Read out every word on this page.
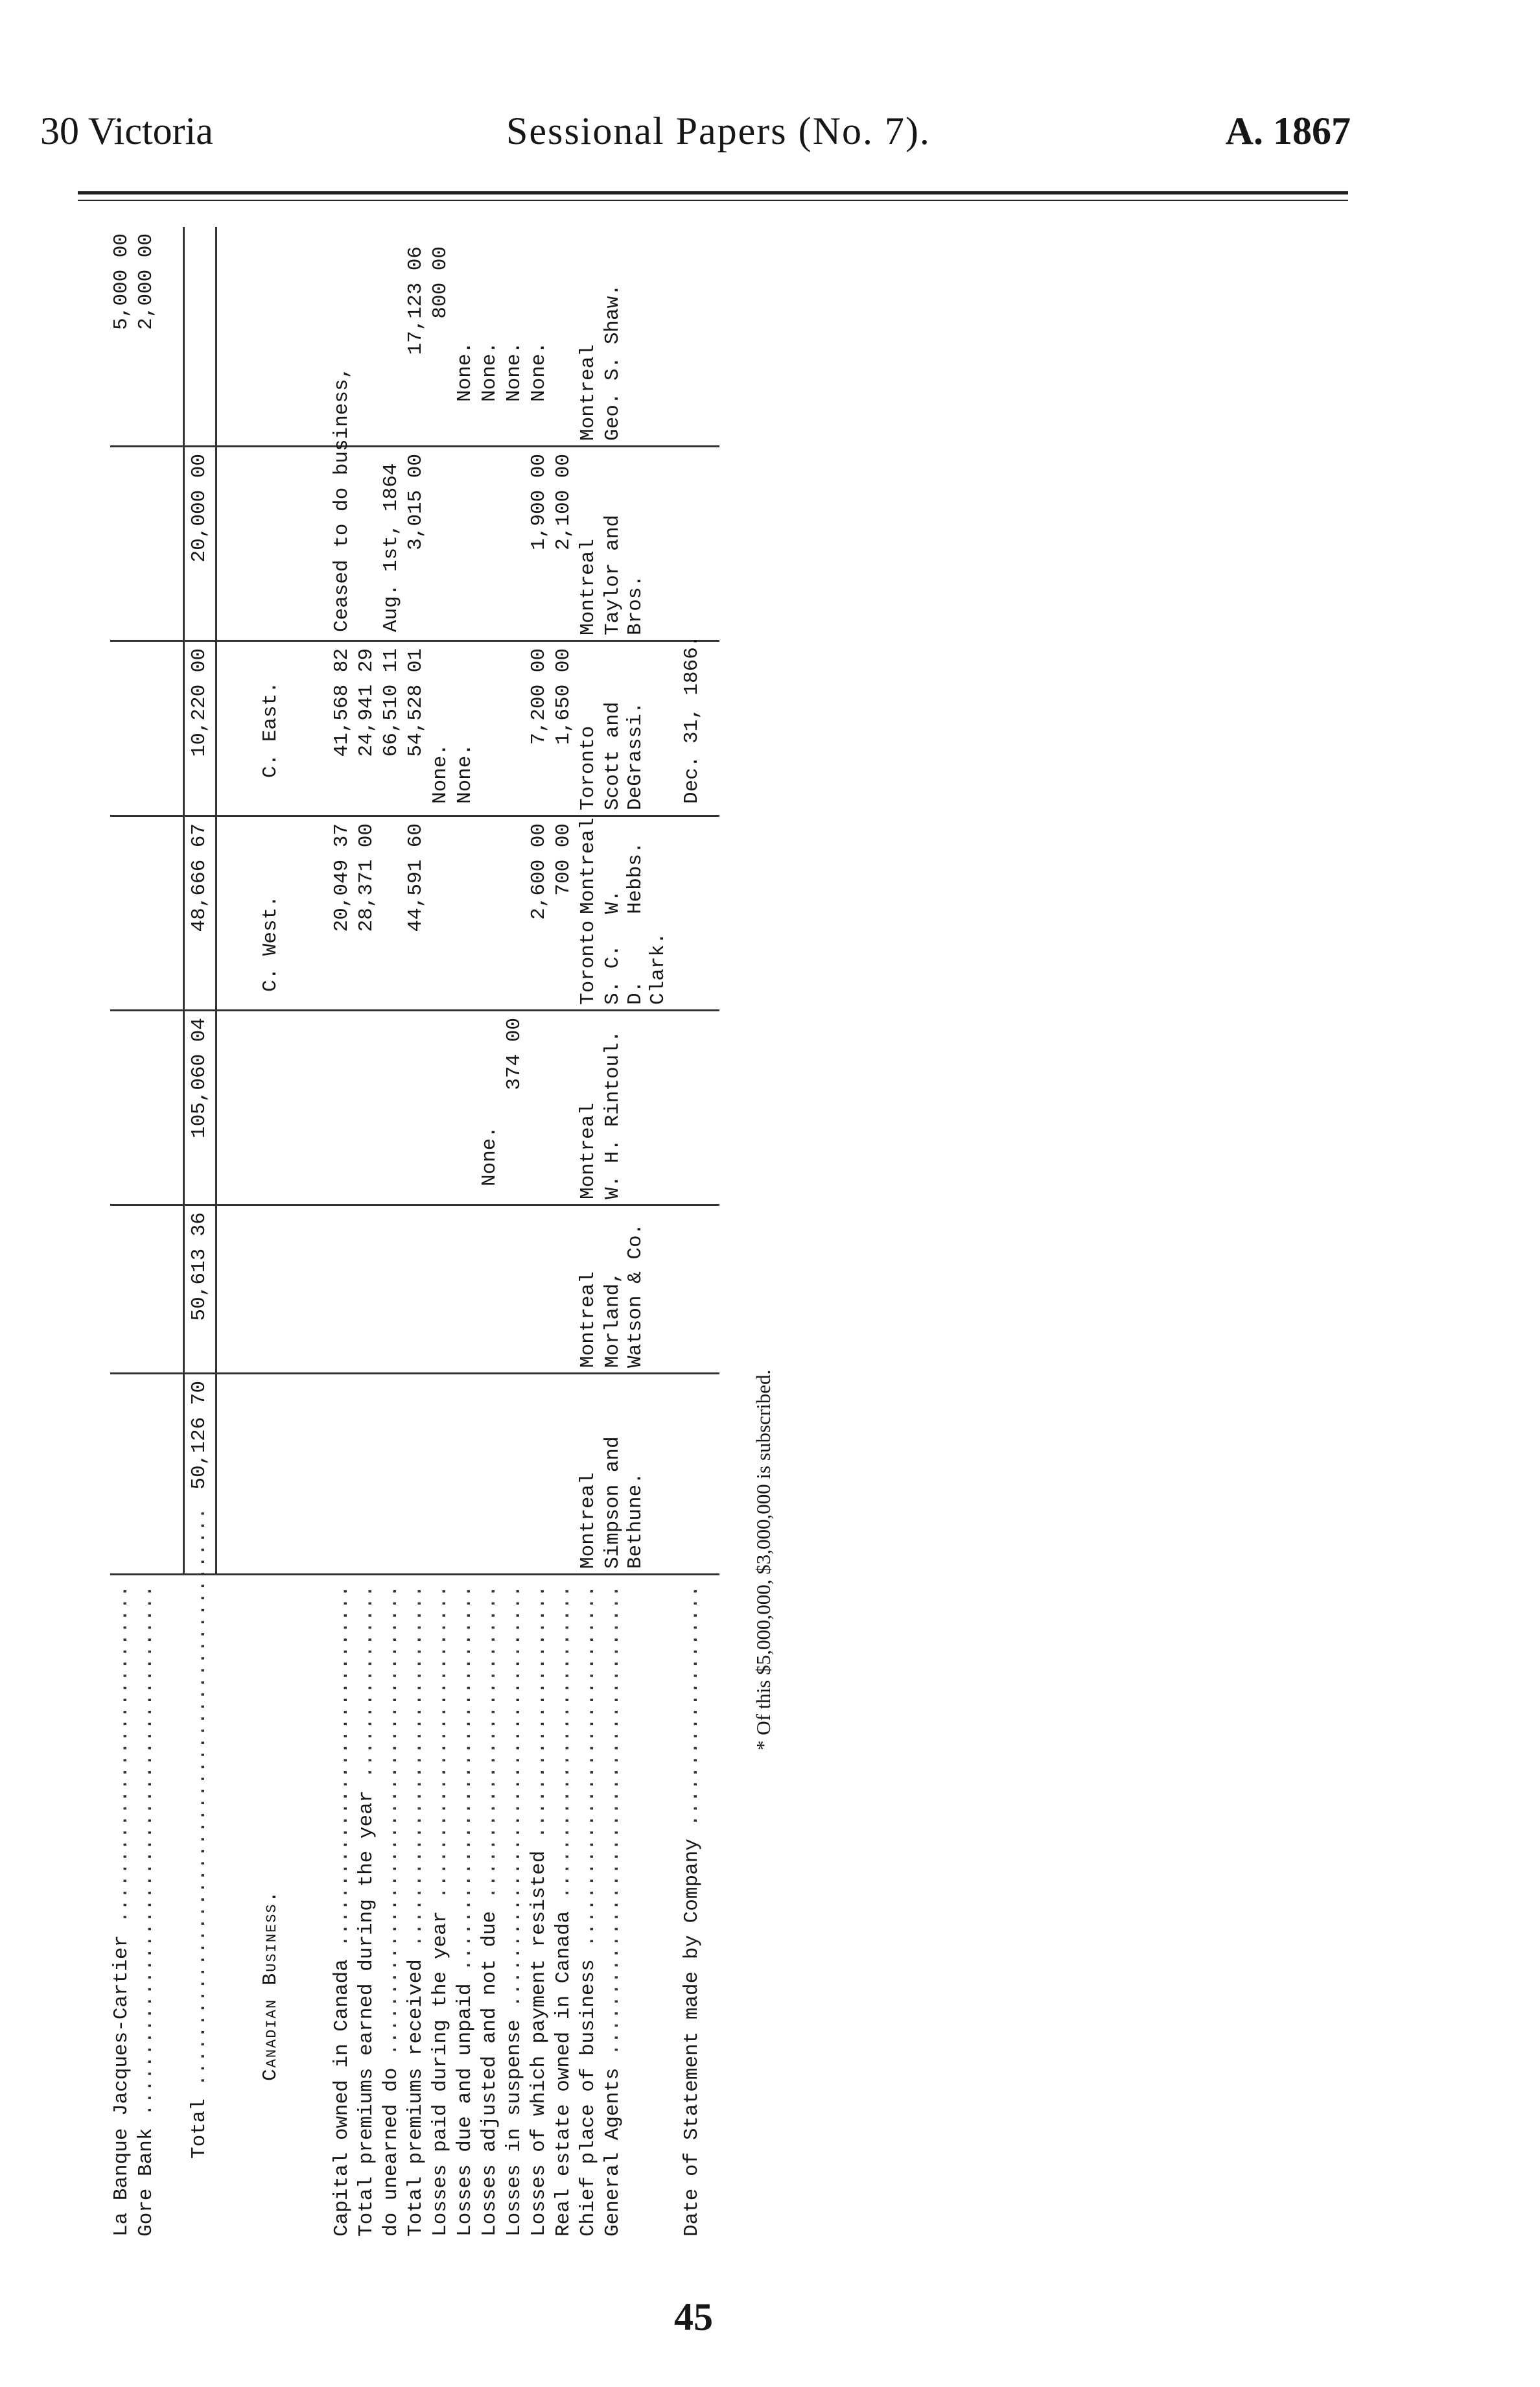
30 Victoria	Sessional Papers (No. 7).	A. 1867
La Banque Jacques-Cartier .....
5,000 00
Gore Bank .....
2,000 00
Total .....
50,126 70
50,613 36
105,060 04
48,666 67
10,220 00
20,000 00
Canadian Business.
C. West.
C. East.
Capital owned in Canada .....
20,049 37
41,568 82
Ceased to do business,
Total premiums earned during the year .....
28,371 00
24,941 29
do unearned do .....
66,510 11
Aug. 1st, 1864
Total premiums received .....
44,591 60
54,528 01
3,015 00
Losses paid during the year .....
None.
Losses due and unpaid .....
None.
Losses adjusted and not due .....
None.
Losses in suspense .....
374 00
Losses of which payment resisted .....
2,600 00
7,200 00
1,900 00
Real estate owned in Canada .....
700 00
1,650 00
2,100 00
Chief place of business .....
Montreal
Montreal
Montreal
Toronto
Montreal
Toronto
Montreal
Montreal
General Agents .....
Simpson and Bethune.
Morland, Watson & Co.
W. H. Rintoul.
S. C. D. Clark.
W. Hebbs.
Scott and DeGrassi.
Taylor and Bros.
Geo. S. Shaw.
Date of Statement made by Company .....
Dec. 31, 1866.
17,123 06 800 00
None. None. None. None.
* Of this $5,000,000, $3,000,000 is subscribed.
45
